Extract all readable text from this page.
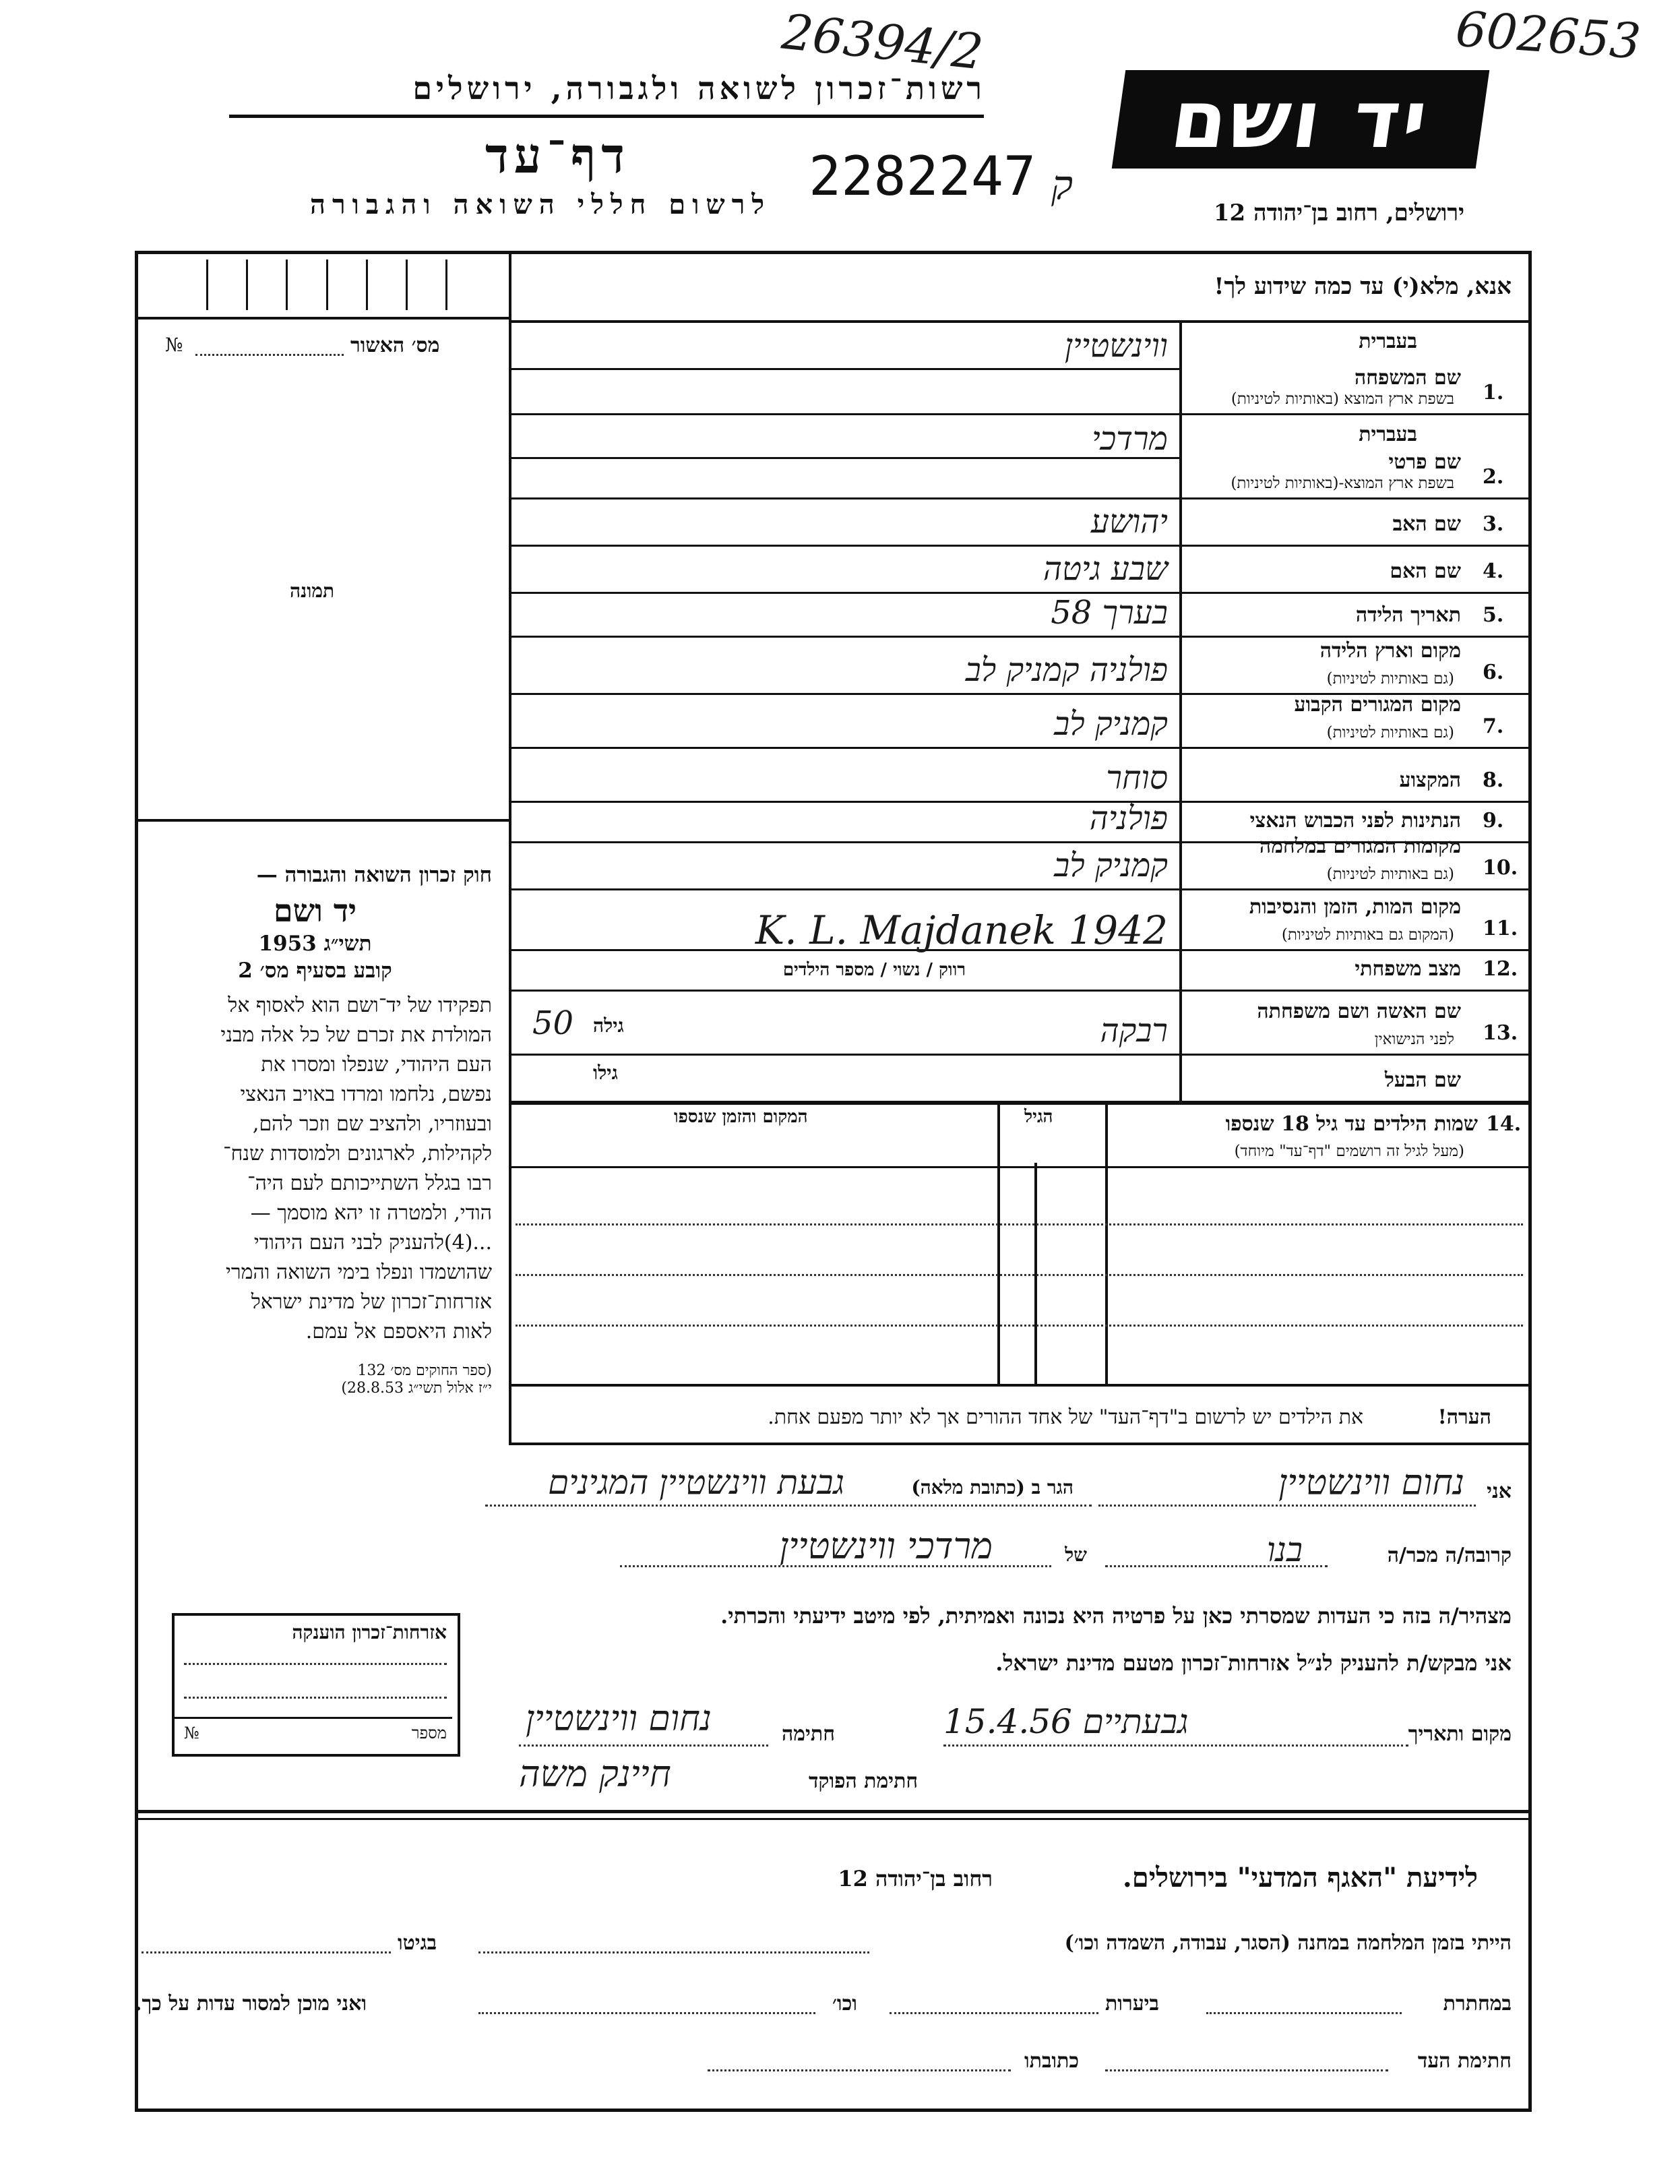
26394/2	602653
יד ושם
רשות־זכרון לשואה ולגבורה, ירושלים
דף־עד	2282247 ק
לרשום חללי השואה והגבורה	ירושלים, רחוב בן־יהודה 12
אנא, מלא(י) עד כמה שידוע לך!
מס׳ האשור
№
תמונה
חוק זכרון השואה והגבורה —
יד ושם
תשי״ג 1953
קובע בסעיף מס׳ 2
תפקידו של יד־ושם הוא לאסוף אל
המולדת את זכרם של כל אלה מבני
העם היהודי, שנפלו ומסרו את
נפשם, נלחמו ומרדו באויב הנאצי
ובעוזריו, ולהציב שם וזכר להם,
לקהילות, לארגונים ולמוסדות שנח־
רבו בגלל השתייכותם לעם היה־
הודי, ולמטרה זו יהא מוסמך —
...(4)להעניק לבני העם היהודי
שהושמדו ונפלו בימי השואה והמרי
אזרחות־זכרון של מדינת ישראל
לאות היאספם אל עמם.
(ספר החוקים מס׳ 132
י״ז אלול תשי״ג 28.8.53)
1.
שם המשפחה
בעברית
בשפת ארץ המוצא (באותיות לטיניות)
ווינשטיין
2.
שם פרטי
בעברית
בשפת ארץ המוצא-(באותיות לטיניות)
מרדכי
3.
שם האב
יהושע
4.
שם האם
שבע גיטה
5.
תאריך הלידה
בערך 58
6.
מקום וארץ הלידה
(גם באותיות לטיניות)
פולניה קמניק לב
7.
מקום המגורים הקבוע
(גם באותיות לטיניות)
קמניק לב
8.
המקצוע
סוחר
9.
הנתינות לפני הכבוש הנאצי
פולניה
10.
מקומות המגורים במלחמה
(גם באותיות לטיניות)
קמניק לב
11.
מקום המות, הזמן והנסיבות
(המקום גם באותיות לטיניות)
K. L. Majdanek 1942
12.
מצב משפחתי
רווק / נשוי / מספר הילדים
13.
שם האשה ושם משפחתה
לפני הנישואין
רבקה
גילה
50
שם הבעל
גילו
14.
שמות הילדים עד גיל 18 שנספו
(מעל לגיל זה רושמים "דף־עד" מיוחד)
הגיל
המקום והזמן שנספו
הערה!
את הילדים יש לרשום ב"דף־העד" של אחד ההורים אך לא יותר מפעם אחת.
אני
נחום ווינשטיין
הגר ב (כתובת מלאה)
גבעת ווינשטיין המגינים
קרובה/ה מכר/ה
בנו
של
מרדכי ווינשטיין
מצהיר/ה בזה כי העדות שמסרתי כאן על פרטיה היא נכונה ואמיתית, לפי מיטב ידיעתי והכרתי.
אני מבקש/ת להעניק לנ״ל אזרחות־זכרון מטעם מדינת ישראל.
מקום ותאריך
גבעתיים 15.4.56
חתימה
נחום ווינשטיין
חתימת הפוקד
חיינק משה
אזרחות־זכרון הוענקה
מספר
№
לידיעת "האגף המדעי" בירושלים.
רחוב בן־יהודה 12
הייתי בזמן המלחמה במחנה (הסגר, עבודה, השמדה וכו׳)
בגיטו
במחתרת
ביערות
וכו׳
ואני מוכן למסור עדות על כך.
חתימת העד
כתובתו
